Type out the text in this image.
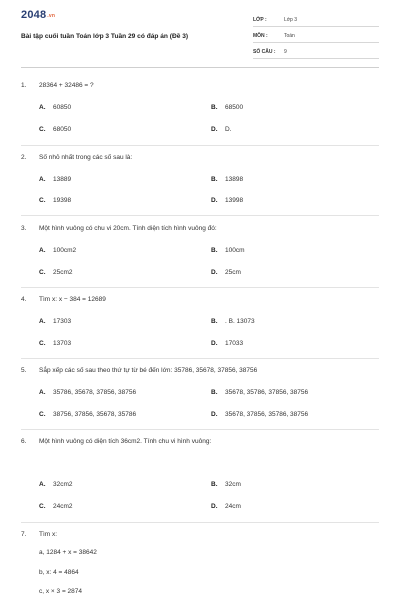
2048.vn
Bài tập cuối tuần Toán lớp 3 Tuần 29 có đáp án (Đề 3)
LỚP :	Lớp 3
MÔN :	Toán
SỐ CÂU : 9
1. 28364 + 32486 = ?
A. 60850	B. 68500
C. 68050	D. D.
2. Số nhỏ nhất trong các số sau là:
A. 13889	B. 13898
C. 19398	D. 13998
3. Một hình vuông có chu vi 20cm. Tính diện tích hình vuông đó:
A. 100cm2	B. 100cm
C. 25cm2	D. 25cm
4. Tìm x: x − 384 = 12689
A. 17303	B. . B. 13073
C. 13703	D. 17033
5. Sắp xếp các số sau theo thứ tự từ bé đến lớn: 35786, 35678, 37856, 38756
A. 35786, 35678, 37856, 38756	B. 35678, 35786, 37856, 38756
C. 38756, 37856, 35678, 35786	D. 35678, 37856, 35786, 38756
6. Một hình vuông có diện tích 36cm2. Tính chu vi hình vuông:
A. 32cm2	B. 32cm
C. 24cm2	D. 24cm
7. Tìm x:
a, 1284 + x = 38642
b, x: 4 = 4864
c, x × 3 = 2874
